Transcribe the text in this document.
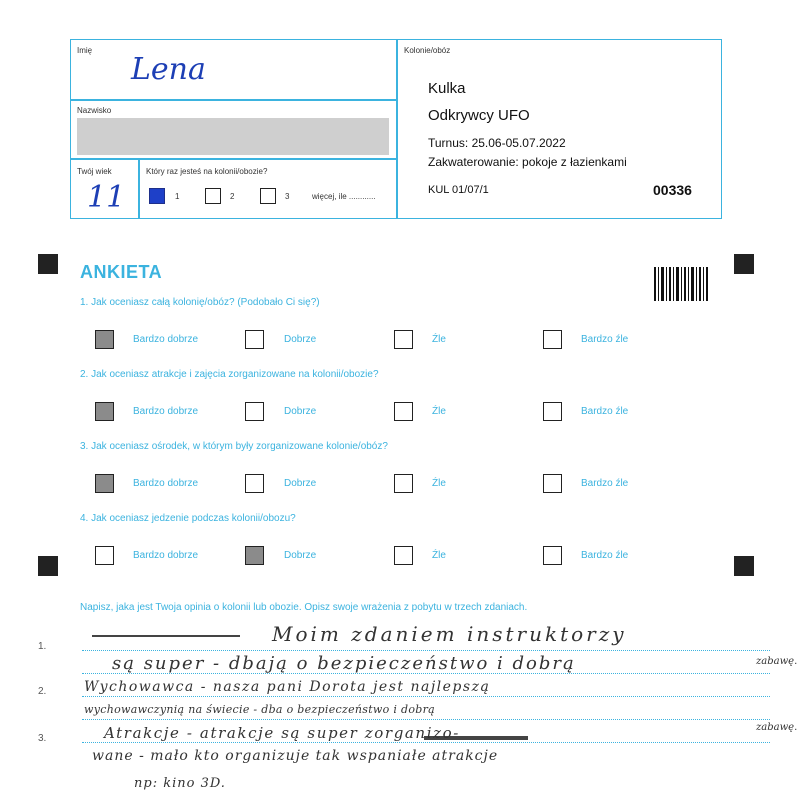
Imię
Lena
Nazwisko
Twój wiek
11
Który raz jesteś na kolonii/obozie?
1	2	3	więcej, ile ............
Kolonie/obóz
Kulka
Odkrywcy UFO
Turnus: 25.06-05.07.2022
Zakwaterowanie: pokoje z łazienkami
KUL 01/07/1	00336
ANKIETA
1. Jak oceniasz całą kolonię/obóz? (Podobało Ci się?)
Bardzo dobrze	Dobrze	Źle	Bardzo źle
2. Jak oceniasz atrakcje i zajęcia zorganizowane na kolonii/obozie?
Bardzo dobrze	Dobrze	Źle	Bardzo źle
3. Jak oceniasz ośrodek, w którym były zorganizowane kolonie/obóz?
Bardzo dobrze	Dobrze	Źle	Bardzo źle
4. Jak oceniasz jedzenie podczas kolonii/obozu?
Bardzo dobrze	Dobrze	Źle	Bardzo źle
Napisz, jaka jest Twoja opinia o kolonii lub obozie. Opisz swoje wrażenia z pobytu w trzech zdaniach.
1.
2.
3.
Moim zdaniem instruktorzy
są super - dbają o bezpieczeństwo i dobrą	zabawę.
Wychowawca - nasza pani Dorota jest najlepszą
wychowawczynią na świecie - dba o bezpieczeństwo i dobrą
zabawę.
Atrakcje - atrakcje są super zorganizo-
wane - mało kto organizuje tak wspaniałe atrakcje
np: kino 3D.
